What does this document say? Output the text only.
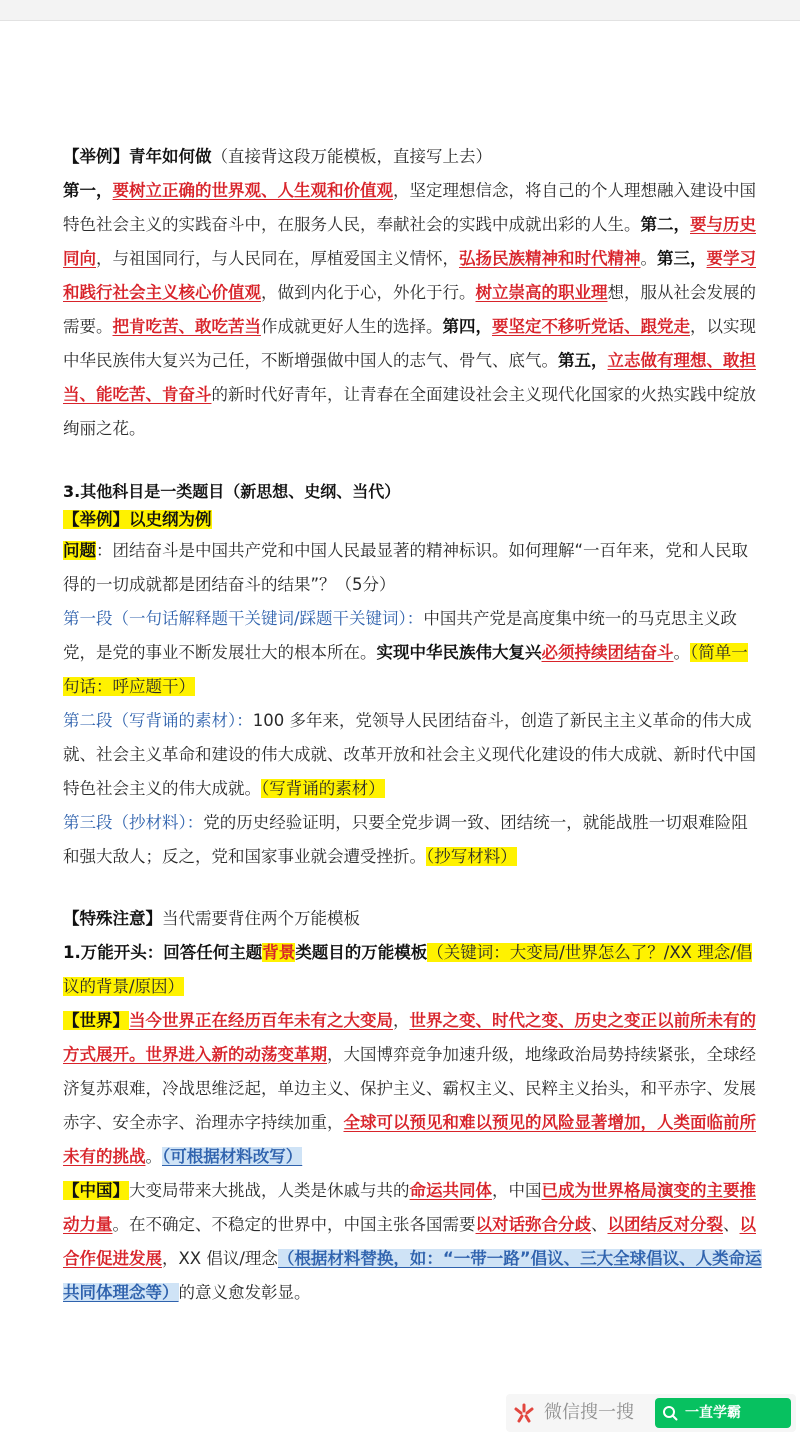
【举例】青年如何做（直接背这段万能模板，直接写上去）

第一，要树立正确的世界观、人生观和价值观，坚定理想信念，将自己的个人理想融入建设中国特色社会主义的实践奋斗中，在服务人民，奉献社会的实践中成就出彩的人生。第二，要与历史同向，与祖国同行，与人民同在，厚植爱国主义情怀，弘扬民族精神和时代精神。第三，要学习和践行社会主义核心价值观，做到内化于心，外化于行。树立崇高的职业理想，服从社会发展的需要。把肯吃苦、敢吃苦当作成就更好人生的选择。第四，要坚定不移听党话、跟党走，以实现中华民族伟大复兴为己任，不断增强做中国人的志气、骨气、底气。第五，立志做有理想、敢担当、能吃苦、肯奋斗的新时代好青年，让青春在全面建设社会主义现代化国家的火热实践中绽放绚丽之花。

3.其他科目是一类题目（新思想、史纲、当代）

【举例】以史纲为例

问题：团结奋斗是中国共产党和中国人民最显著的精神标识。如何理解“一百年来，党和人民取得的一切成就都是团结奋斗的结果”？（5分）

第一段（一句话解释题干关键词/踩题干关键词）：中国共产党是高度集中统一的马克思主义政党，是党的事业不断发展壮大的根本所在。实现中华民族伟大复兴必须持续团结奋斗。（简单一句话：呼应题干）

第二段（写背诵的素材）：100 多年来，党领导人民团结奋斗，创造了新民主主义革命的伟大成就、社会主义革命和建设的伟大成就、改革开放和社会主义现代化建设的伟大成就、新时代中国特色社会主义的伟大成就。（写背诵的素材）

第三段（抄材料）：党的历史经验证明，只要全党步调一致、团结统一，就能战胜一切艰难险阻和强大敌人；反之，党和国家事业就会遭受挫折。（抄写材料）

【特殊注意】当代需要背住两个万能模板

1.万能开头：回答任何主题背景类题目的万能模板（关键词：大变局/世界怎么了？/XX 理念/倡议的背景/原因）

【世界】当今世界正在经历百年未有之大变局，世界之变、时代之变、历史之变正以前所未有的方式展开。世界进入新的动荡变革期，大国博弈竞争加速升级，地缘政治局势持续紧张，全球经济复苏艰难，冷战思维泛起，单边主义、保护主义、霸权主义、民粹主义抬头，和平赤字、发展赤字、安全赤字、治理赤字持续加重，全球可以预见和难以预见的风险显著增加，人类面临前所未有的挑战。（可根据材料改写）

【中国】大变局带来大挑战，人类是休戚与共的命运共同体，中国已成为世界格局演变的主要推动力量。在不确定、不稳定的世界中，中国主张各国需要以对话弥合分歧、以团结反对分裂、以合作促进发展，XX 倡议/理念（根据材料替换，如：“一带一路”倡议、三大全球倡议、人类命运共同体理念等）的意义愈发彰显。

微信搜一搜	一直学霸
